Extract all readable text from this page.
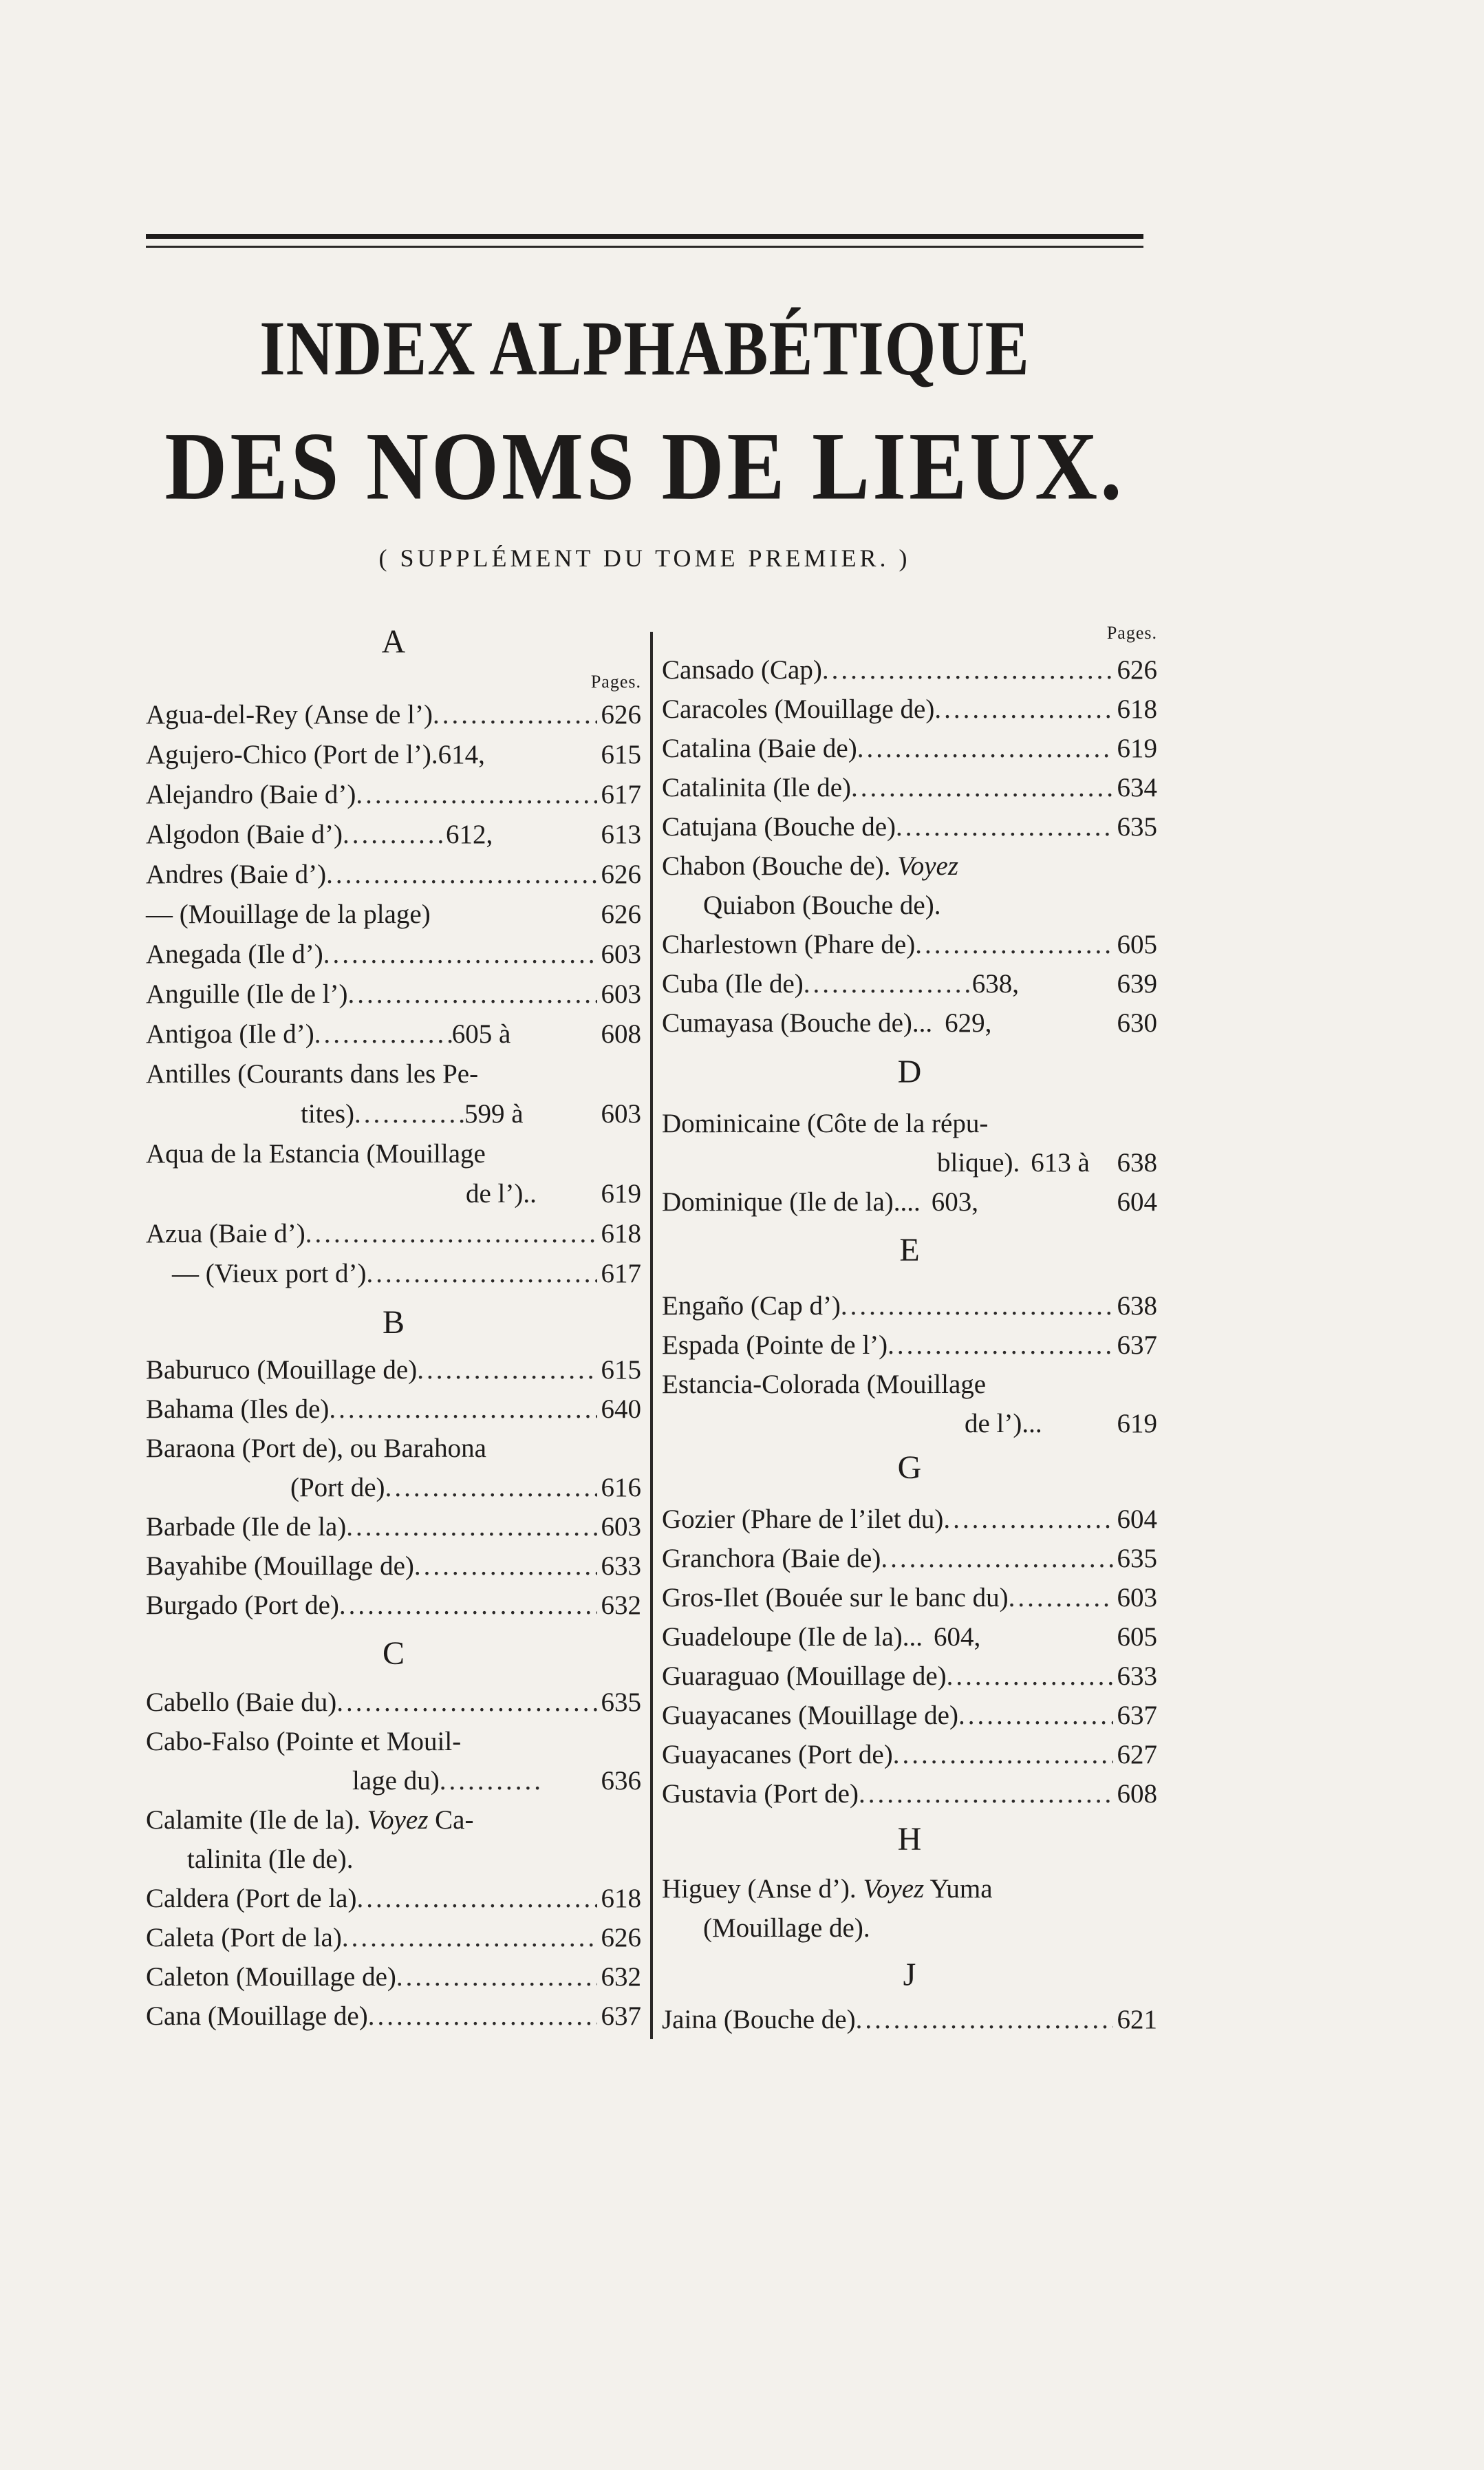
INDEX ALPHABÉTIQUE
DES NOMS DE LIEUX.
( SUPPLÉMENT DU TOME PREMIER. )
A
Pages.
Agua-del-Rey (Anse de l’) .....	626
Agujero-Chico (Port de l’). 614,	615
Alejandro (Baie d’) .....	617
Algodon (Baie d’) .....	612,	613
Andres (Baie d’) .....	626
— (Mouillage de la plage)	626
Anegada (Ile d’) .....	603
Anguille (Ile de l’) .....	603
Antigoa (Ile d’) .....	605 à	608
Antilles (Courants dans les Pe-
tites) .....	599 à	603
Aqua de la Estancia (Mouillage
de l’).. 619
Azua (Baie d’) .....	618
— (Vieux port d’) .....	617
B
Baburuco (Mouillage de) .....	615
Bahama (Iles de) .....	640
Baraona (Port de), ou Barahona
(Port de) .....	616
Barbade (Ile de la) .....	603
Bayahibe (Mouillage de) .....	633
Burgado (Port de) .....	632
C
Cabello (Baie du) .....	635
Cabo-Falso (Pointe et Mouil-
lage du) .....	636
Calamite (Ile de la). Voyez Ca-
talinita (Ile de).
Caldera (Port de la) .....	618
Caleta (Port de la) .....	626
Caleton (Mouillage de) .....	632
Cana (Mouillage de) .....	637
Pages.
Cansado (Cap) .....	626
Caracoles (Mouillage de) .....	618
Catalina (Baie de) .....	619
Catalinita (Ile de) .....	634
Catujana (Bouche de) .....	635
Chabon (Bouche de). Voyez
Quiabon (Bouche de).
Charlestown (Phare de) .....	605
Cuba (Ile de) .....	638,	639
Cumayasa (Bouche de)... 629,	630
D
Dominicaine (Côte de la répu-
blique). 613 à 638
Dominique (Ile de la).... 603,	604
E
Engaño (Cap d’) .....	638
Espada (Pointe de l’) .....	637
Estancia-Colorada (Mouillage
de l’)...	619
G
Gozier (Phare de l’ilet du) .....	604
Granchora (Baie de) .....	635
Gros-Ilet (Bouée sur le banc du) .....	603
Guadeloupe (Ile de la)... 604,	605
Guaraguao (Mouillage de) .....	633
Guayacanes (Mouillage de) .....	637
Guayacanes (Port de) .....	627
Gustavia (Port de) .....	608
H
Higuey (Anse d’). Voyez Yuma
(Mouillage de).
J
Jaina (Bouche de) .....	621
